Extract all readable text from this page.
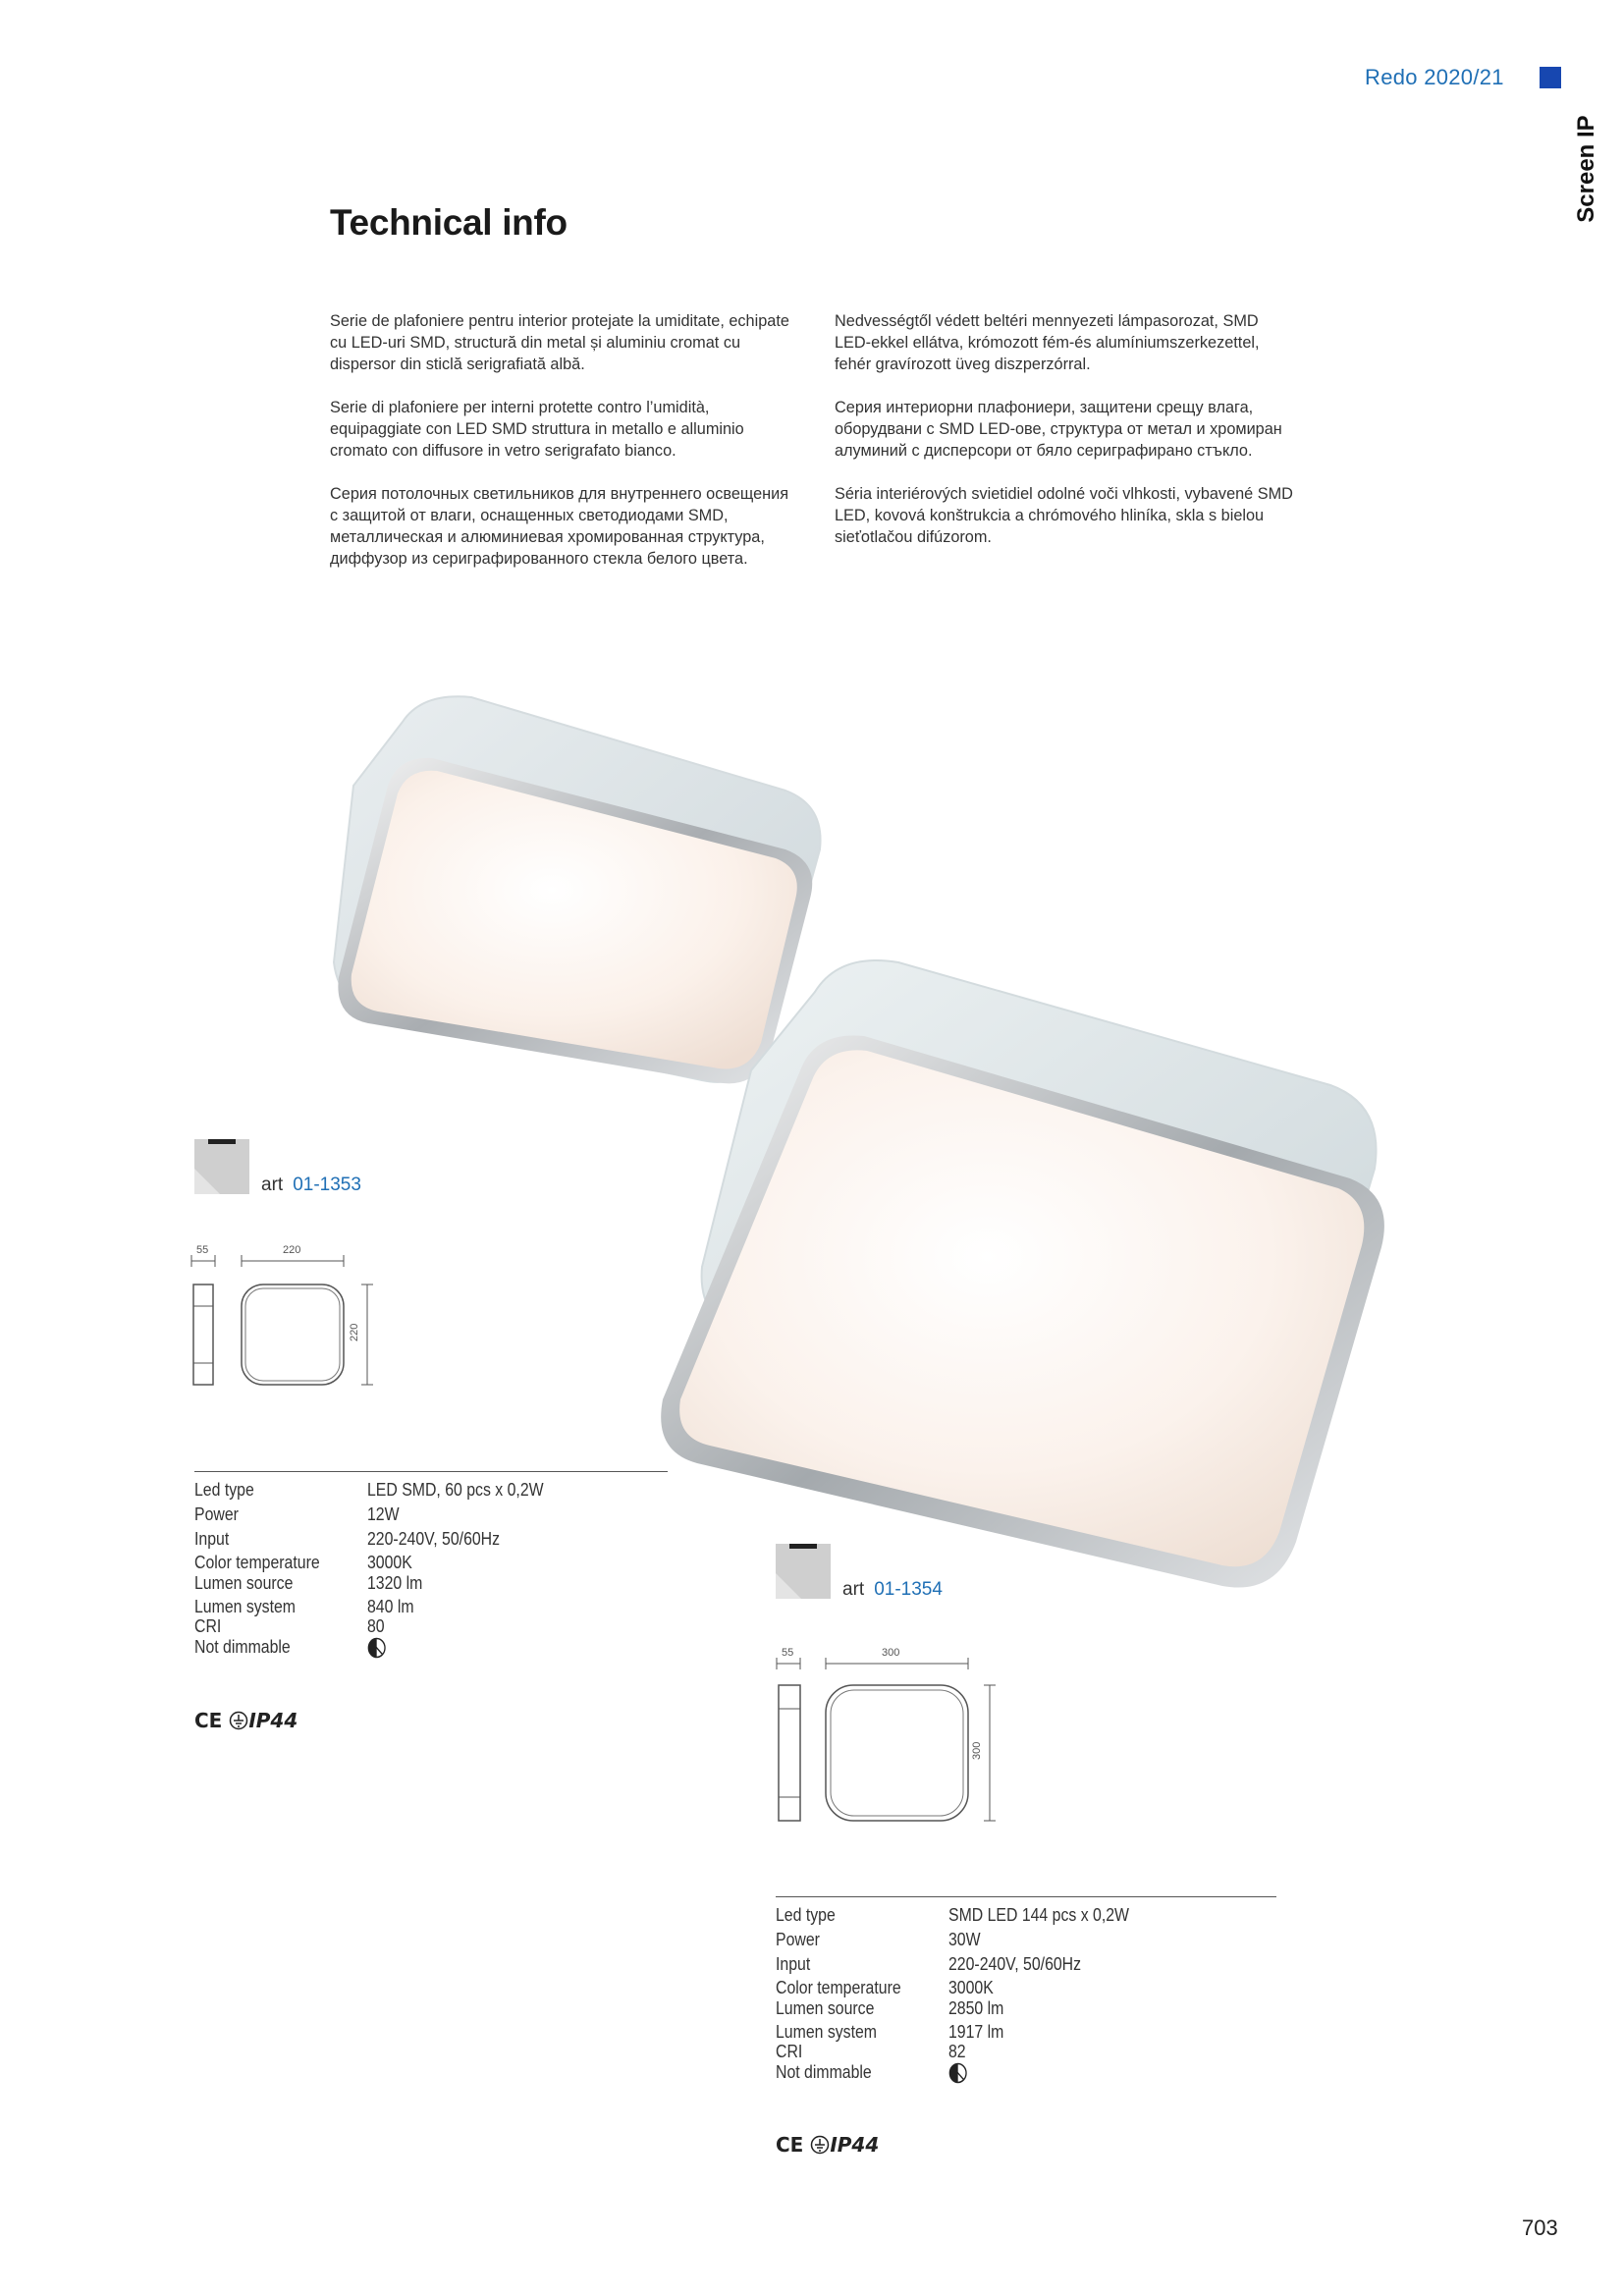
Redo 2020/21
Screen IP
Technical info

Serie de plafoniere pentru interior protejate la umiditate, echipate cu LED-uri SMD, structură din metal și aluminiu cromat cu dispersor din sticlă serigrafiată albă.

Serie di plafoniere per interni protette contro l’umidità, equipaggiate con LED SMD struttura in metallo e alluminio cromato con diffusore in vetro serigrafato bianco.

Серия потолочных светильников для внутреннего освещения с защитой от влаги, оснащенных светодиодами SMD, металлическая и алюминиевая хромированная структура, диффузор из сериграфированного стекла белого цвета.

Nedvességtől védett beltéri mennyezeti lámpasorozat, SMD LED-ekkel ellátva, krómozott fém-és alumíniumszerkezettel, fehér gravírozott üveg diszperzórral.

Серия интериорни плафониери, защитени срещу влага, оборудвани с SMD LED-ове, структура от метал и хромиран алуминий с дисперсори от бяло сериграфирано стъкло.

Séria interiérových svietidiel odolné voči vlhkosti, vybavené SMD LED, kovová konštrukcia a chrómového hliníka, skla s bielou sieťotlačou difúzorom.

art 01-1353
55	220
220
Led type	LED SMD, 60 pcs x 0,2W
Power	12W
Input	220-240V, 50/60Hz
Color temperature	3000K
Lumen source	1320 lm
Lumen system	840 lm
CRI	80
Not dimmable
CE IP44
art 01-1354
55	300
300
Led type	SMD LED 144 pcs x 0,2W
Power	30W
Input	220-240V, 50/60Hz
Color temperature	3000K
Lumen source	2850 lm
Lumen system	1917 lm
CRI	82
Not dimmable
CE IP44
703
